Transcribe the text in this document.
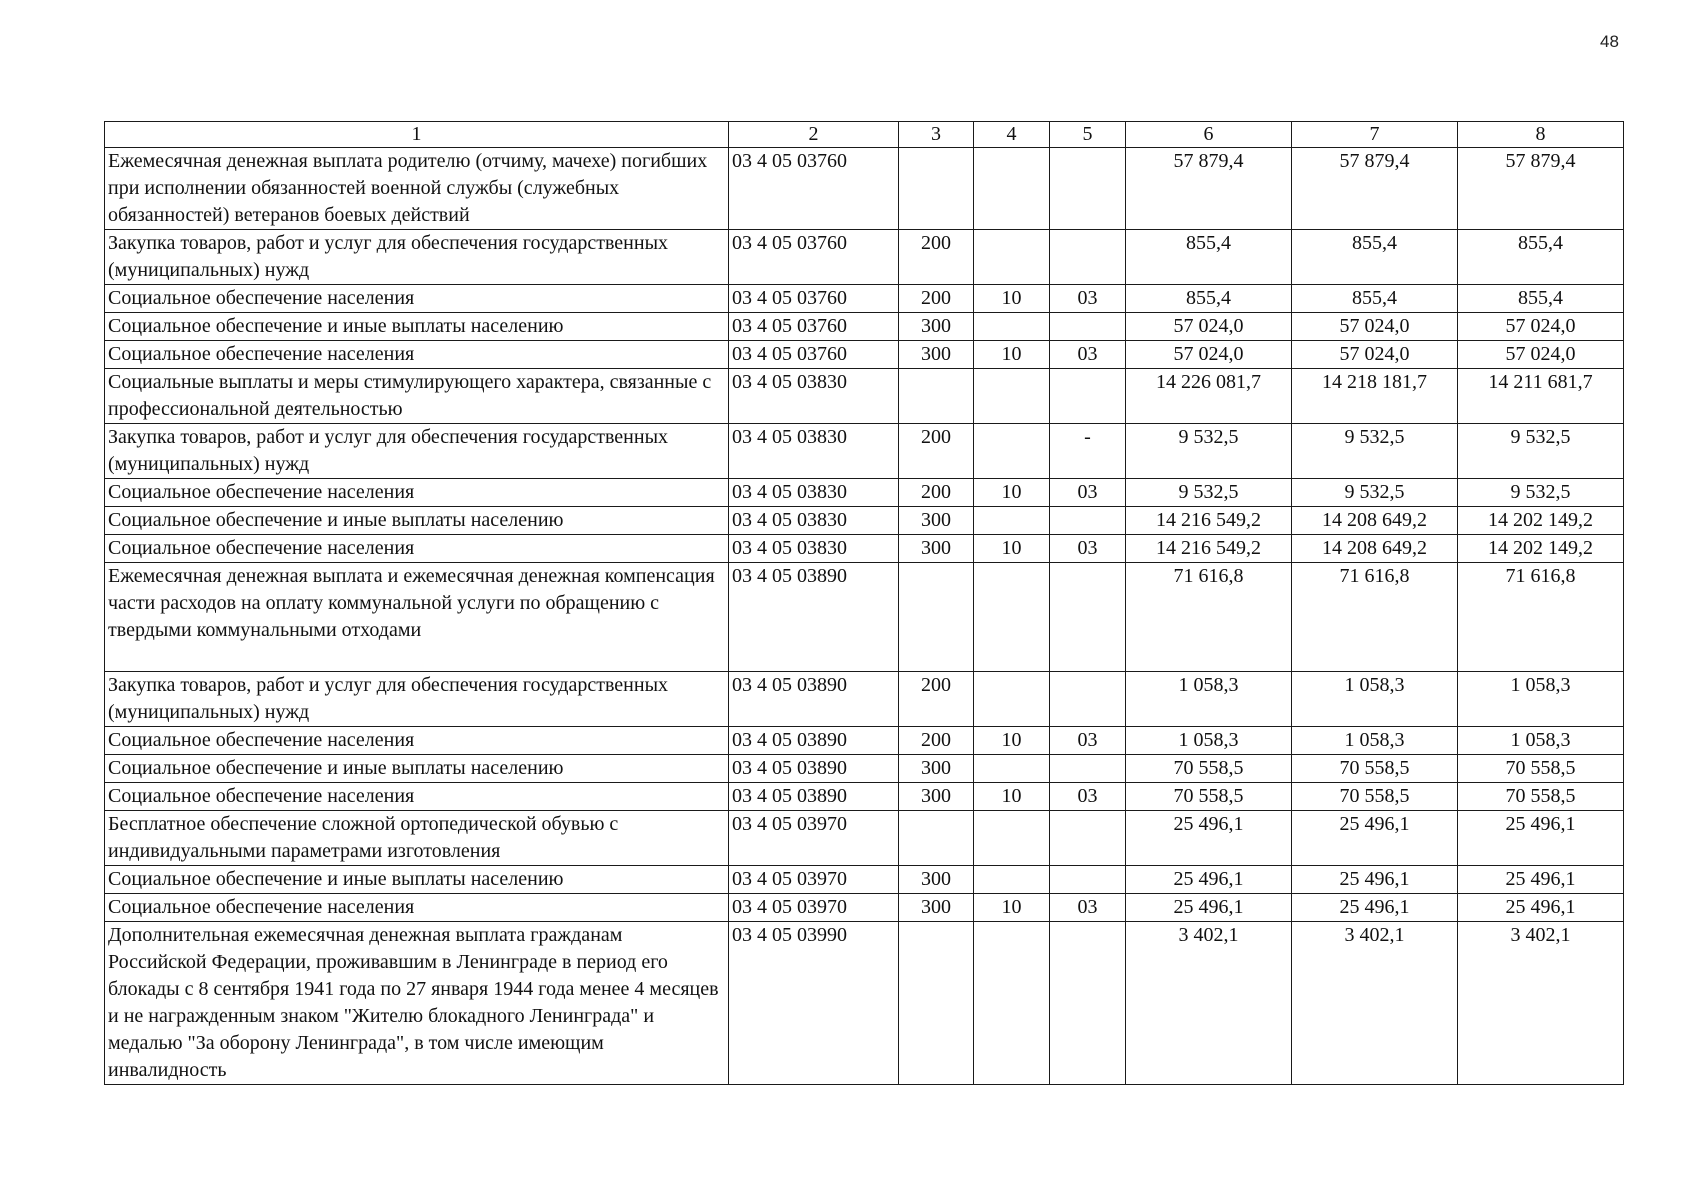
48
1	2	3	4	5	6	7	8
Ежемесячная денежная выплата родителю (отчиму, мачехе) погибших при исполнении обязанностей военной службы (служебных обязанностей) ветеранов боевых действий	03 4 05 03760				57 879,4	57 879,4	57 879,4
Закупка товаров, работ и услуг для обеспечения государственных (муниципальных) нужд	03 4 05 03760	200			855,4	855,4	855,4
Социальное обеспечение населения	03 4 05 03760	200	10	03	855,4	855,4	855,4
Социальное обеспечение и иные выплаты населению	03 4 05 03760	300			57 024,0	57 024,0	57 024,0
Социальное обеспечение населения	03 4 05 03760	300	10	03	57 024,0	57 024,0	57 024,0
Социальные выплаты и меры стимулирующего характера, связанные с профессиональной деятельностью	03 4 05 03830				14 226 081,7	14 218 181,7	14 211 681,7
Закупка товаров, работ и услуг для обеспечения государственных (муниципальных) нужд	03 4 05 03830	200		-	9 532,5	9 532,5	9 532,5
Социальное обеспечение населения	03 4 05 03830	200	10	03	9 532,5	9 532,5	9 532,5
Социальное обеспечение и иные выплаты населению	03 4 05 03830	300			14 216 549,2	14 208 649,2	14 202 149,2
Социальное обеспечение населения	03 4 05 03830	300	10	03	14 216 549,2	14 208 649,2	14 202 149,2
Ежемесячная денежная выплата и ежемесячная денежная компенсация части расходов на оплату коммунальной услуги по обращению с твердыми коммунальными отходами	03 4 05 03890				71 616,8	71 616,8	71 616,8
Закупка товаров, работ и услуг для обеспечения государственных (муниципальных) нужд	03 4 05 03890	200			1 058,3	1 058,3	1 058,3
Социальное обеспечение населения	03 4 05 03890	200	10	03	1 058,3	1 058,3	1 058,3
Социальное обеспечение и иные выплаты населению	03 4 05 03890	300			70 558,5	70 558,5	70 558,5
Социальное обеспечение населения	03 4 05 03890	300	10	03	70 558,5	70 558,5	70 558,5
Бесплатное обеспечение сложной ортопедической обувью с индивидуальными параметрами изготовления	03 4 05 03970				25 496,1	25 496,1	25 496,1
Социальное обеспечение и иные выплаты населению	03 4 05 03970	300			25 496,1	25 496,1	25 496,1
Социальное обеспечение населения	03 4 05 03970	300	10	03	25 496,1	25 496,1	25 496,1
Дополнительная ежемесячная денежная выплата гражданам Российской Федерации, проживавшим в Ленинграде в период его блокады с 8 сентября 1941 года по 27 января 1944 года менее 4 месяцев и не награжденным знаком "Жителю блокадного Ленинграда" и медалью "За оборону Ленинграда", в том числе имеющим инвалидность	03 4 05 03990				3 402,1	3 402,1	3 402,1
